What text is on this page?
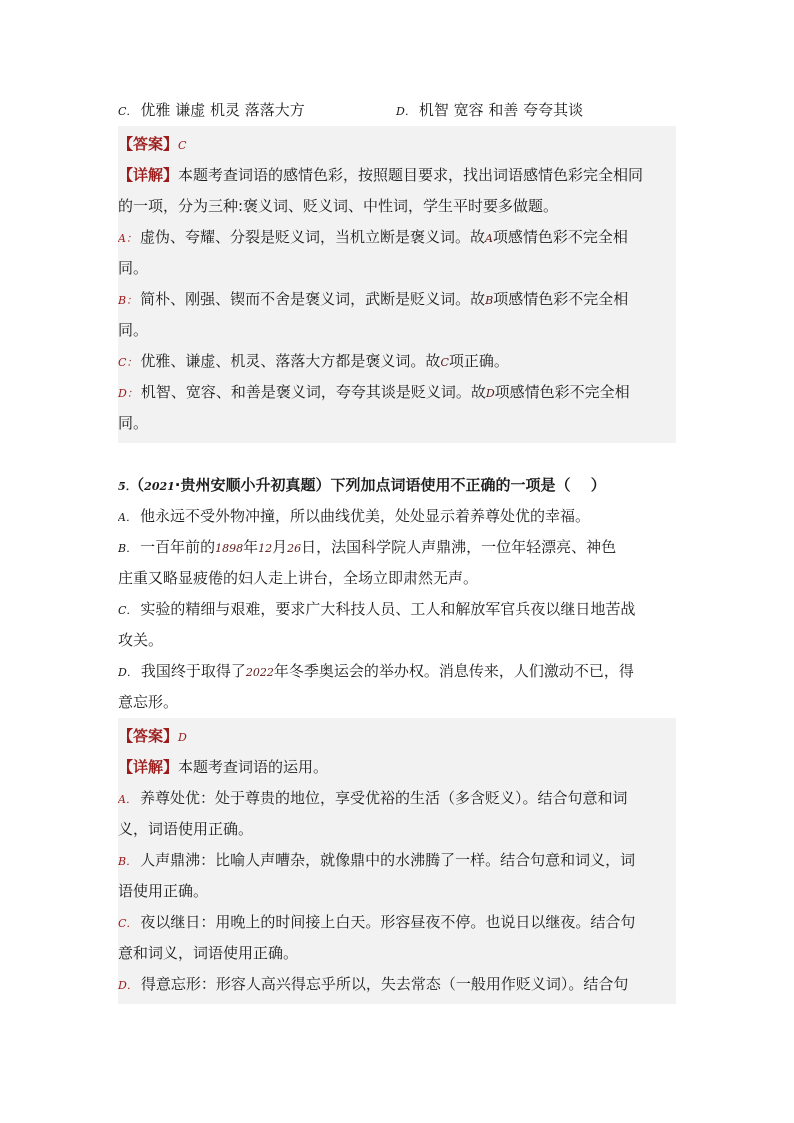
C． 优雅 谦虚 机灵 落落大方	D． 机智 宽容 和善 夸夸其谈
【答案】C
【详解】本题考查词语的感情色彩，按照题目要求，找出词语感情色彩完全相同
的一项，分为三种:褒义词、贬义词、中性词，学生平时要多做题。
A： 虚伪、夸耀、分裂是贬义词，当机立断是褒义词。故A项感情色彩不完全相
同。
B： 简朴、刚强、锲而不舍是褒义词，武断是贬义词。故B项感情色彩不完全相
同。
C： 优雅、谦虚、机灵、落落大方都是褒义词。故C项正确。
D： 机智、宽容、和善是褒义词，夸夸其谈是贬义词。故D项感情色彩不完全相
同。
5．（2021·贵州安顺小升初真题）下列加点词语使用不正确的一项是（　 ）
A． 他永远不受外物冲撞，所以曲线优美，处处显示着养尊处优的幸福。
B． 一百年前的1898年12月26日，法国科学院人声鼎沸，一位年轻漂亮、神色
庄重又略显疲倦的妇人走上讲台，全场立即肃然无声。
C． 实验的精细与艰难，要求广大科技人员、工人和解放军官兵夜以继日地苦战
攻关。
D． 我国终于取得了2022年冬季奥运会的举办权。消息传来，人们激动不已，得
意忘形。
【答案】D
【详解】本题考查词语的运用。
A． 养尊处优：处于尊贵的地位，享受优裕的生活（多含贬义）。结合句意和词
义，词语使用正确。
B． 人声鼎沸：比喻人声嘈杂，就像鼎中的水沸腾了一样。结合句意和词义，词
语使用正确。
C． 夜以继日：用晚上的时间接上白天。形容昼夜不停。也说日以继夜。结合句
意和词义，词语使用正确。
D． 得意忘形：形容人高兴得忘乎所以，失去常态（一般用作贬义词）。结合句
